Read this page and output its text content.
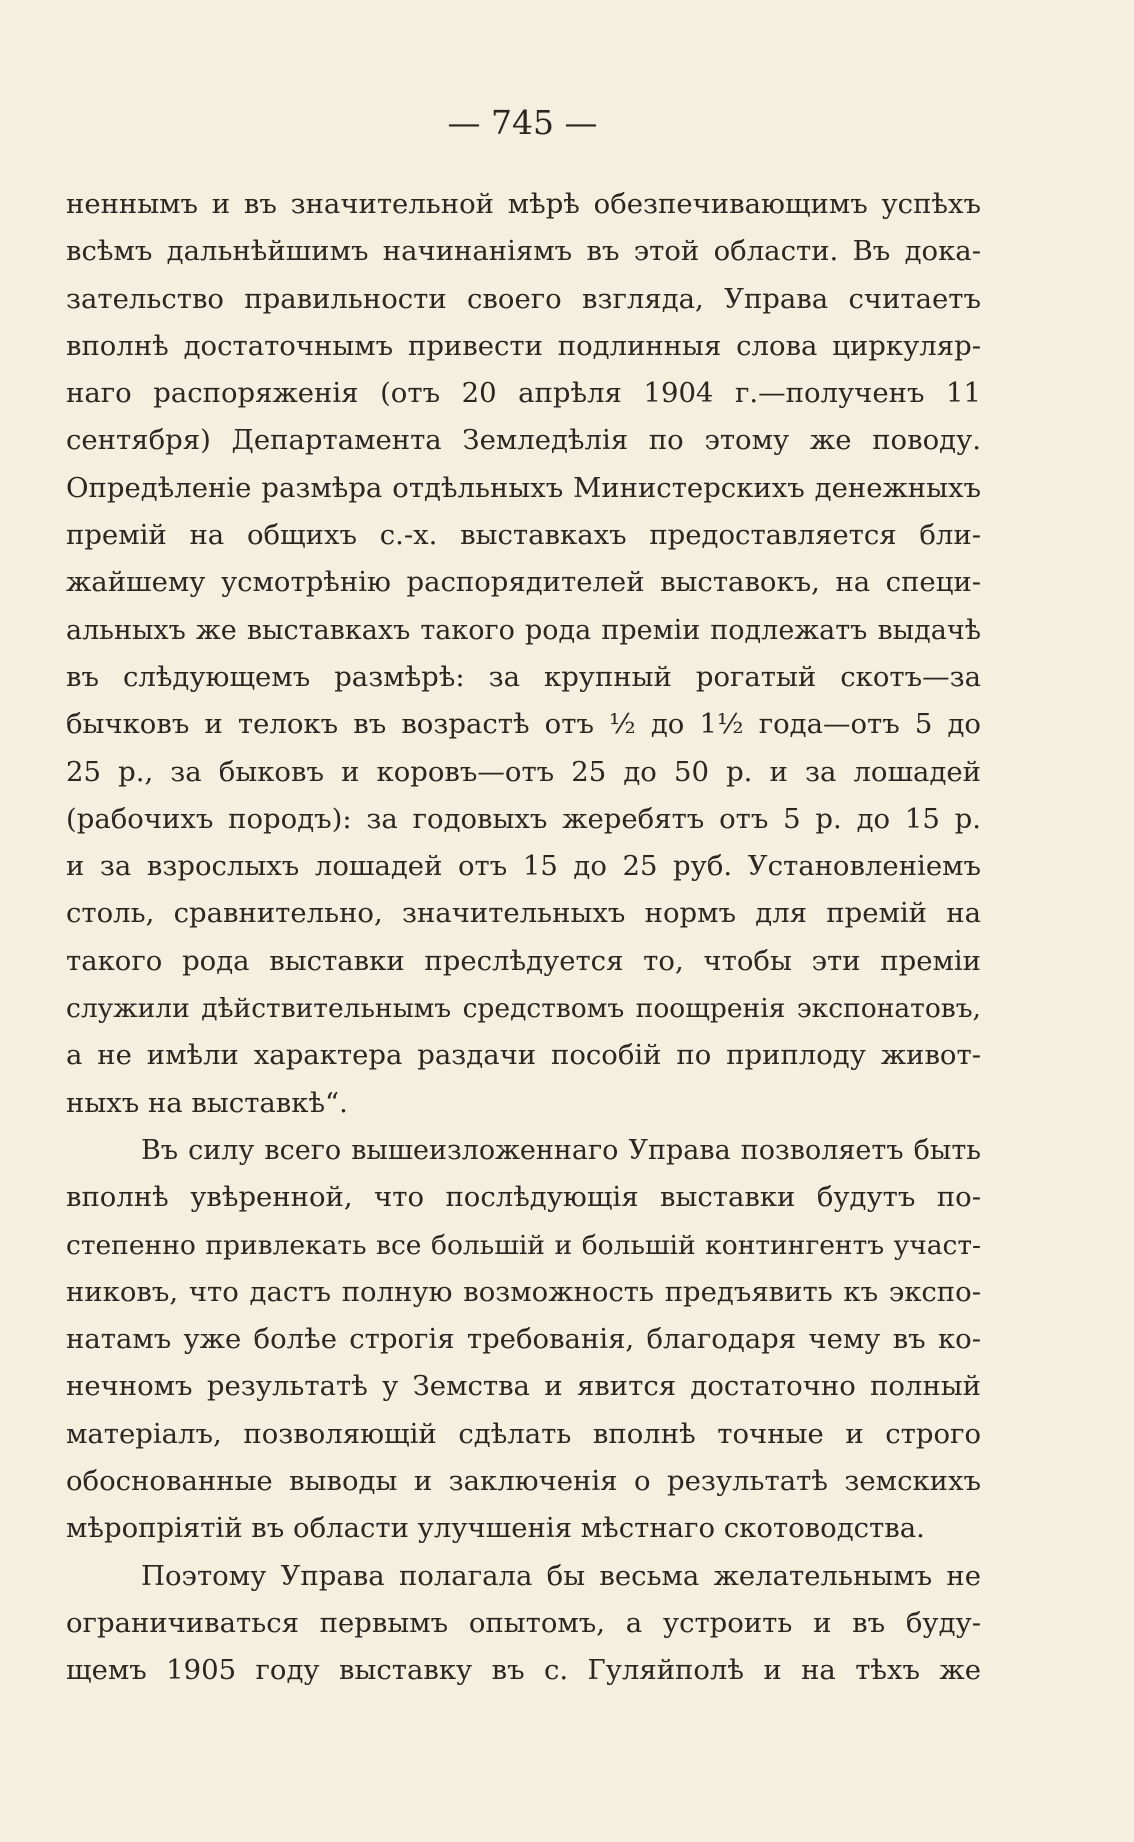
— 745 —
неннымъ и въ значительной мѣрѣ обезпечивающимъ успѣхъ
всѣмъ дальнѣйшимъ начинаніямъ въ этой области. Въ дока-
зательство правильности своего взгляда, Управа считаетъ
вполнѣ достаточнымъ привести подлинныя слова циркуляр-
наго распоряженія (отъ 20 апрѣля 1904 г.—полученъ 11
сентября) Департамента Земледѣлія по этому же поводу.
Опредѣленіе размѣра отдѣльныхъ Министерскихъ денежныхъ
премій на общихъ с.-х. выставкахъ предоставляется бли-
жайшему усмотрѣнію распорядителей выставокъ, на специ-
альныхъ же выставкахъ такого рода преміи подлежатъ выдачѣ
въ слѣдующемъ размѣрѣ: за крупный рогатый скотъ—за
бычковъ и телокъ въ возрастѣ отъ ½ до 1½ года—отъ 5 до
25 р., за быковъ и коровъ—отъ 25 до 50 р. и за лошадей
(рабочихъ породъ): за годовыхъ жеребятъ отъ 5 р. до 15 р.
и за взрослыхъ лошадей отъ 15 до 25 руб. Установленіемъ
столь, сравнительно, значительныхъ нормъ для премій на
такого рода выставки преслѣдуется то, чтобы эти преміи
служили дѣйствительнымъ средствомъ поощренія экспонатовъ,
а не имѣли характера раздачи пособій по приплоду живот-
ныхъ на выставкѣ“.
Въ силу всего вышеизложеннаго Управа позволяетъ быть
вполнѣ увѣренной, что послѣдующія выставки будутъ по-
степенно привлекать все большій и большій контингентъ участ-
никовъ, что дастъ полную возможность предъявить къ экспо-
натамъ уже болѣе строгія требованія, благодаря чему въ ко-
нечномъ результатѣ у Земства и явится достаточно полный
матеріалъ, позволяющій сдѣлать вполнѣ точные и строго
обоснованные выводы и заключенія о результатѣ земскихъ
мѣропріятій въ области улучшенія мѣстнаго скотоводства.
Поэтому Управа полагала бы весьма желательнымъ не
ограничиваться первымъ опытомъ, а устроить и въ буду-
щемъ 1905 году выставку въ с. Гуляйполѣ и на тѣхъ же
